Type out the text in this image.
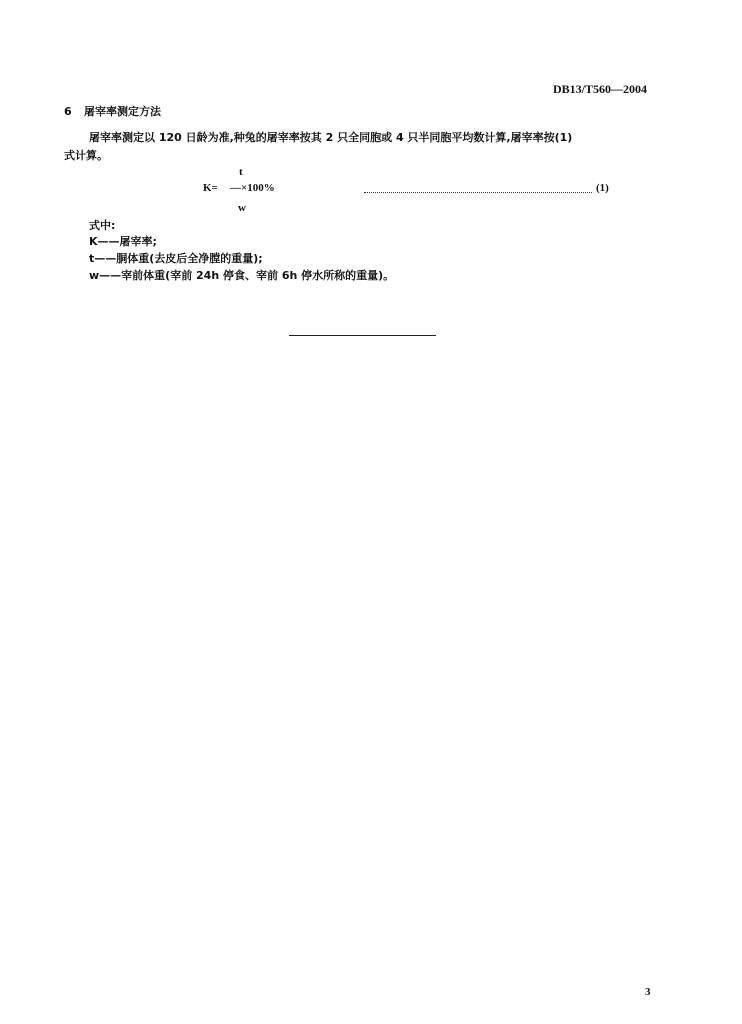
DB13/T560—2004
6 屠宰率测定方法
屠宰率测定以 120 日龄为准,种兔的屠宰率按其 2 只全同胞或 4 只半同胞平均数计算,屠宰率按(1)
式计算。
t
K= —×100%
w
(1)
式中:
K——屠宰率;
t——胴体重(去皮后全净膛的重量);
w——宰前体重(宰前 24h 停食、宰前 6h 停水所称的重量)。
3
